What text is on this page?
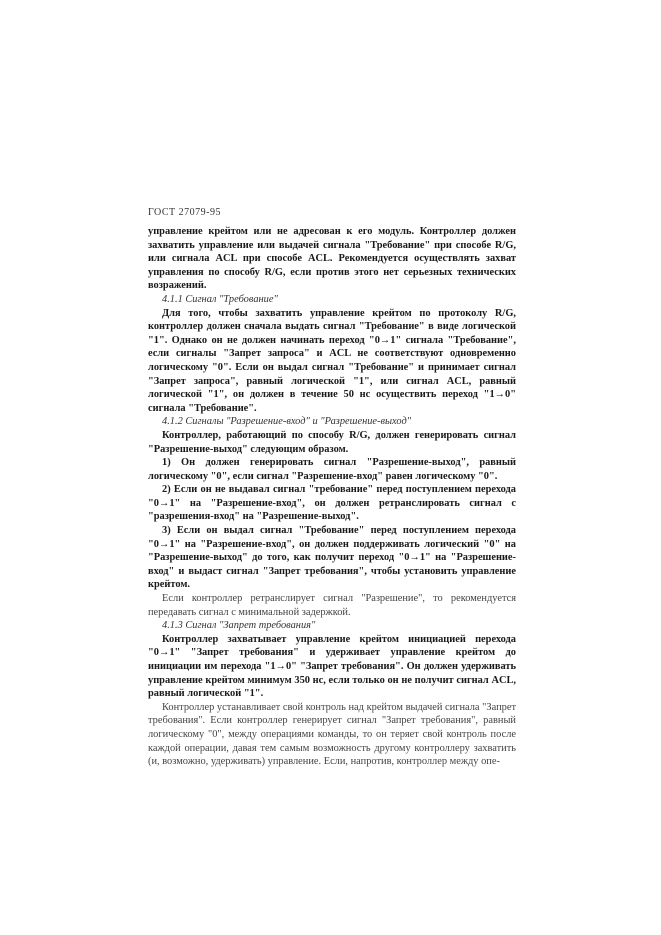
ГОСТ 27079-95

управление крейтом или не адресован к его модуль. Контроллер должен захватить управление или выдачей сигнала "Требование" при способе R/G, или сигнала ACL при способе ACL. Рекомендуется осуществлять захват управления по способу R/G, если против этого нет серьезных технических возражений.

4.1.1 Сигнал "Требование"

Для того, чтобы захватить управление крейтом по протоколу R/G, контроллер должен сначала выдать сигнал "Требование" в виде логической "1". Однако он не должен начинать переход "0→1" сигнала "Требование", если сигналы "Запрет запроса" и ACL не соответствуют одновременно логическому "0". Если он выдал сигнал "Требование" и принимает сигнал "Запрет запроса", равный логической "1", или сигнал ACL, равный логической "1", он должен в течение 50 нс осуществить переход "1→0" сигнала "Требование".

4.1.2 Сигналы "Разрешение-вход" и "Разрешение-выход"

Контроллер, работающий по способу R/G, должен генерировать сигнал "Разрешение-выход" следующим образом.

1) Он должен генерировать сигнал "Разрешение-выход", равный логическому "0", если сигнал "Разрешение-вход" равен логическому "0".

2) Если он не выдавал сигнал "требование" перед поступлением перехода "0→1" на "Разрешение-вход", он должен ретранслировать сигнал с "разрешения-вход" на "Разрешение-выход".

3) Если он выдал сигнал "Требование" перед поступлением перехода "0→1" на "Разрешение-вход", он должен поддерживать логический "0" на "Разрешение-выход" до того, как получит переход "0→1" на "Разрешение-вход" и выдаст сигнал "Запрет требования", чтобы установить управление крейтом.

Если контроллер ретранслирует сигнал "Разрешение", то рекомендуется передавать сигнал с минимальной задержкой.

4.1.3 Сигнал "Запрет требования"

Контроллер захватывает управление крейтом инициацией перехода "0→1" "Запрет требования" и удерживает управление крейтом до инициации им перехода "1→0" "Запрет требования". Он должен удерживать управление крейтом минимум 350 нс, если только он не получит сигнал ACL, равный логической "1".

Контроллер устанавливает свой контроль над крейтом выдачей сигнала "Запрет требования". Если контроллер генерирует сигнал "Запрет требования", равный логическому "0", между операциями команды, то он теряет свой контроль после каждой операции, давая тем самым возможность другому контроллеру захватить (и, возможно, удерживать) управление. Если, напротив, контроллер между опе-
